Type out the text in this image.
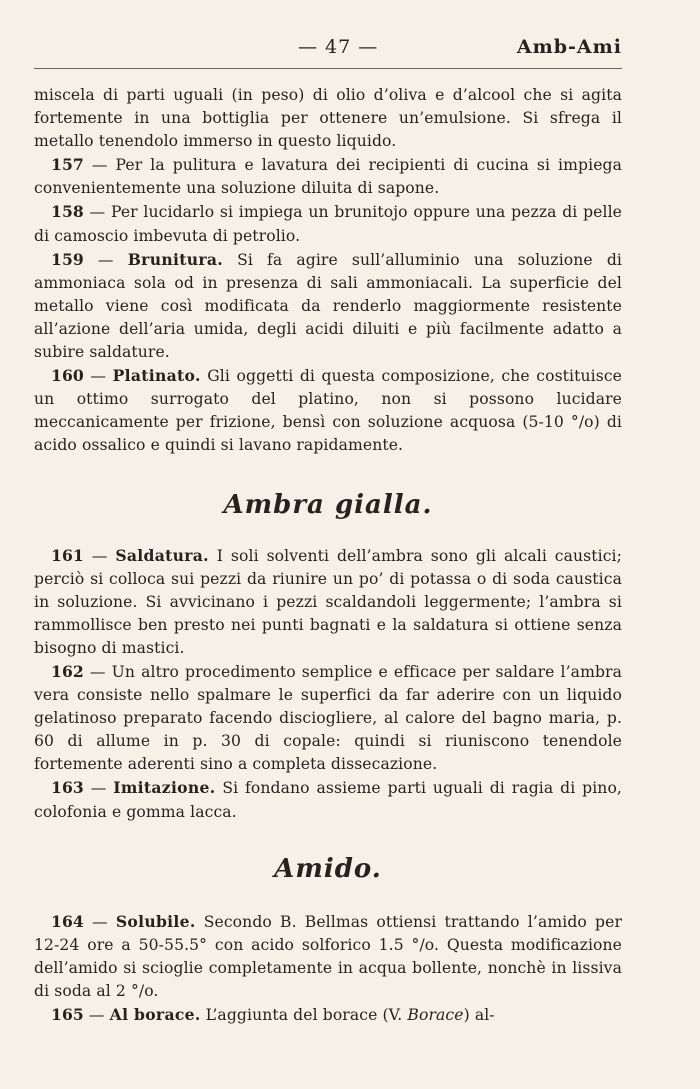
— 47 —	Amb-Ami

miscela di parti uguali (in peso) di olio d’oliva e d’alcool che si agita fortemente in una bottiglia per ottenere un’emulsione. Si sfrega il metallo tenendolo immerso in questo liquido.

157 — Per la pulitura e lavatura dei recipienti di cucina si impiega convenientemente una soluzione diluita di sapone.

158 — Per lucidarlo si impiega un brunitojo oppure una pezza di pelle di camoscio imbevuta di petrolio.

159 — Brunitura. Si fa agire sull’alluminio una soluzione di ammoniaca sola od in presenza di sali ammoniacali. La superficie del metallo viene così modificata da renderlo maggiormente resistente all’azione dell’aria umida, degli acidi diluiti e più facilmente adatto a subire saldature.

160 — Platinato. Gli oggetti di questa composizione, che costituisce un ottimo surrogato del platino, non si possono lucidare meccanicamente per frizione, bensì con soluzione acquosa (5-10 °/o) di acido ossalico e quindi si lavano rapidamente.

Ambra gialla.

161 — Saldatura. I soli solventi dell’ambra sono gli alcali caustici; perciò si colloca sui pezzi da riunire un po’ di potassa o di soda caustica in soluzione. Si avvicinano i pezzi scaldandoli leggermente; l’ambra si rammollisce ben presto nei punti bagnati e la saldatura si ottiene senza bisogno di mastici.

162 — Un altro procedimento semplice e efficace per saldare l’ambra vera consiste nello spalmare le superfici da far aderire con un liquido gelatinoso preparato facendo disciogliere, al calore del bagno maria, p. 60 di allume in p. 30 di copale: quindi si riuniscono tenendole fortemente aderenti sino a completa dissecazione.

163 — Imitazione. Si fondano assieme parti uguali di ragia di pino, colofonia e gomma lacca.

Amido.

164 — Solubile. Secondo B. Bellmas ottiensi trattando l’amido per 12-24 ore a 50-55.5° con acido solforico 1.5 °/o. Questa modificazione dell’amido si scioglie completamente in acqua bollente, nonchè in lissiva di soda al 2 °/o.

165 — Al borace. L’aggiunta del borace (V. Borace) al-
